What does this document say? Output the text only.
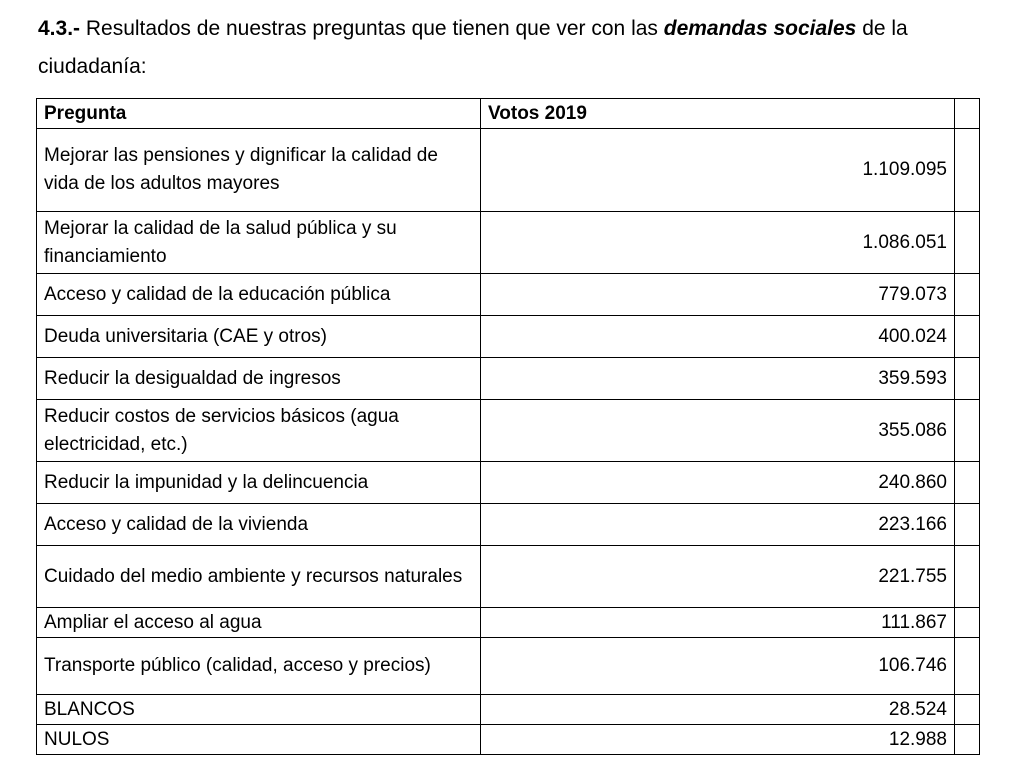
4.3.- Resultados de nuestras preguntas que tienen que ver con las demandas sociales de la ciudadanía:
Pregunta	Votos 2019	
Mejorar las pensiones y dignificar la calidad de vida de los adultos mayores	1.109.095	
Mejorar la calidad de la salud pública y su financiamiento	1.086.051	
Acceso y calidad de la educación pública	779.073	
Deuda universitaria (CAE y otros)	400.024	
Reducir la desigualdad de ingresos	359.593	
Reducir costos de servicios básicos (agua electricidad, etc.)	355.086	
Reducir la impunidad y la delincuencia	240.860	
Acceso y calidad de la vivienda	223.166	
Cuidado del medio ambiente y recursos naturales	221.755	
Ampliar el acceso al agua	111.867	
Transporte público (calidad, acceso y precios)	106.746	
BLANCOS	28.524	
NULOS	12.988	
